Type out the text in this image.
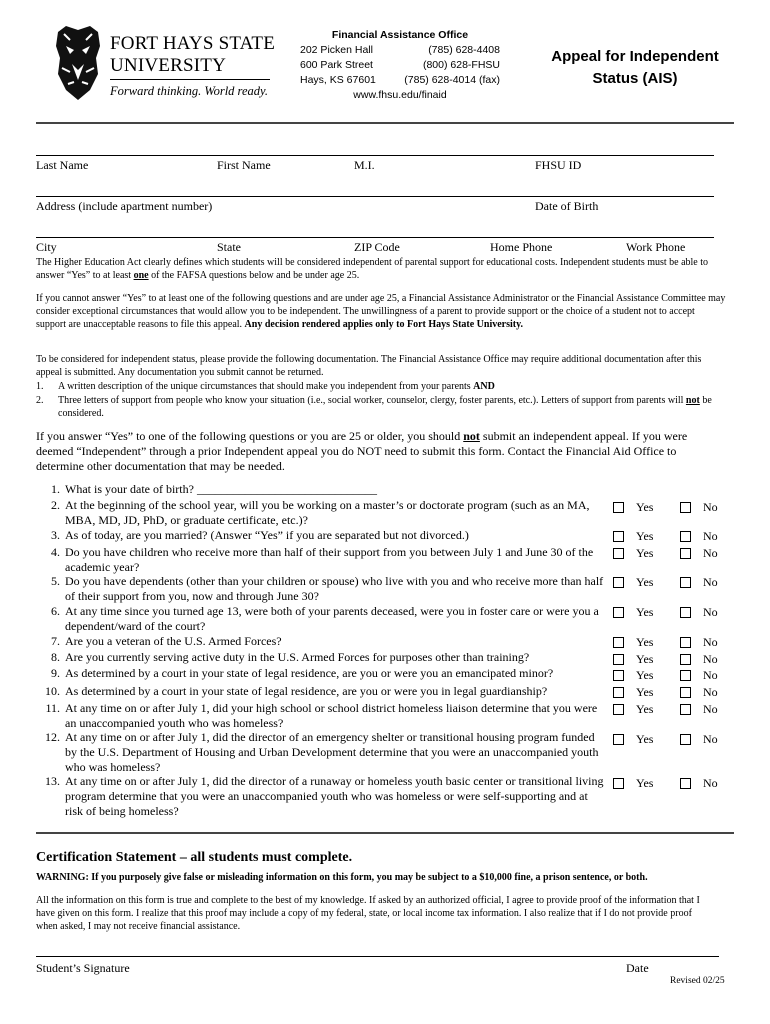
FORT HAYS STATE
UNIVERSITY
Forward thinking. World ready.
Financial Assistance Office
202 Picken Hall	(785) 628-4408
600 Park Street	(800) 628-FHSU
Hays, KS 67601	(785) 628-4014 (fax)
www.fhsu.edu/finaid
Appeal for Independent
Status (AIS)
Last Name	First Name	M.I.	FHSU ID
Address (include apartment number)	Date of Birth
City	State	ZIP Code	Home Phone	Work Phone
The Higher Education Act clearly defines which students will be considered independent of parental support for educational costs. Independent students must be able to answer “Yes” to at least one of the FAFSA questions below and be under age 25.
If you cannot answer “Yes” to at least one of the following questions and are under age 25, a Financial Assistance Administrator or the Financial Assistance Committee may consider exceptional circumstances that would allow you to be independent. The unwillingness of a parent to provide support or the choice of a student not to accept support are unacceptable reasons to file this appeal. Any decision rendered applies only to Fort Hays State University.
To be considered for independent status, please provide the following documentation. The Financial Assistance Office may require additional documentation after this appeal is submitted. Any documentation you submit cannot be returned.
1. A written description of the unique circumstances that should make you independent from your parents AND
2. Three letters of support from people who know your situation (i.e., social worker, counselor, clergy, foster parents, etc.). Letters of support from parents will not be considered.
If you answer “Yes” to one of the following questions or you are 25 or older, you should not submit an independent appeal. If you were deemed “Independent” through a prior Independent appeal you do NOT need to submit this form. Contact the Financial Aid Office to determine other documentation that may be needed.
1. What is your date of birth? ______________________________
2. At the beginning of the school year, will you be working on a master’s or doctorate program (such as an MA, MBA, MD, JD, PhD, or graduate certificate, etc.)?
Yes	No
3. As of today, are you married? (Answer “Yes” if you are separated but not divorced.)	Yes	No
4. Do you have children who receive more than half of their support from you between July 1 and June 30 of the academic year?
Yes	No
5. Do you have dependents (other than your children or spouse) who live with you and who receive more than half of their support from you, now and through June 30?
Yes	No
6. At any time since you turned age 13, were both of your parents deceased, were you in foster care or were you a dependent/ward of the court?
Yes	No
7. Are you a veteran of the U.S. Armed Forces?	Yes	No
8. Are you currently serving active duty in the U.S. Armed Forces for purposes other than training?	Yes	No
9. As determined by a court in your state of legal residence, are you or were you an emancipated minor?	Yes	No
10. As determined by a court in your state of legal residence, are you or were you in legal guardianship?	Yes	No
11. At any time on or after July 1, did your high school or school district homeless liaison determine that you were an unaccompanied youth who was homeless?
Yes	No
12. At any time on or after July 1, did the director of an emergency shelter or transitional housing program funded by the U.S. Department of Housing and Urban Development determine that you were an unaccompanied youth who was homeless?
Yes	No
13. At any time on or after July 1, did the director of a runaway or homeless youth basic center or transitional living program determine that you were an unaccompanied youth who was homeless or were self-supporting and at risk of being homeless?
Yes	No
Certification Statement – all students must complete.
WARNING: If you purposely give false or misleading information on this form, you may be subject to a $10,000 fine, a prison sentence, or both.
All the information on this form is true and complete to the best of my knowledge. If asked by an authorized official, I agree to provide proof of the information that I have given on this form. I realize that this proof may include a copy of my federal, state, or local income tax information. I also realize that if I do not provide proof when asked, I may not receive financial assistance.
Student’s Signature	Date
Revised 02/25
